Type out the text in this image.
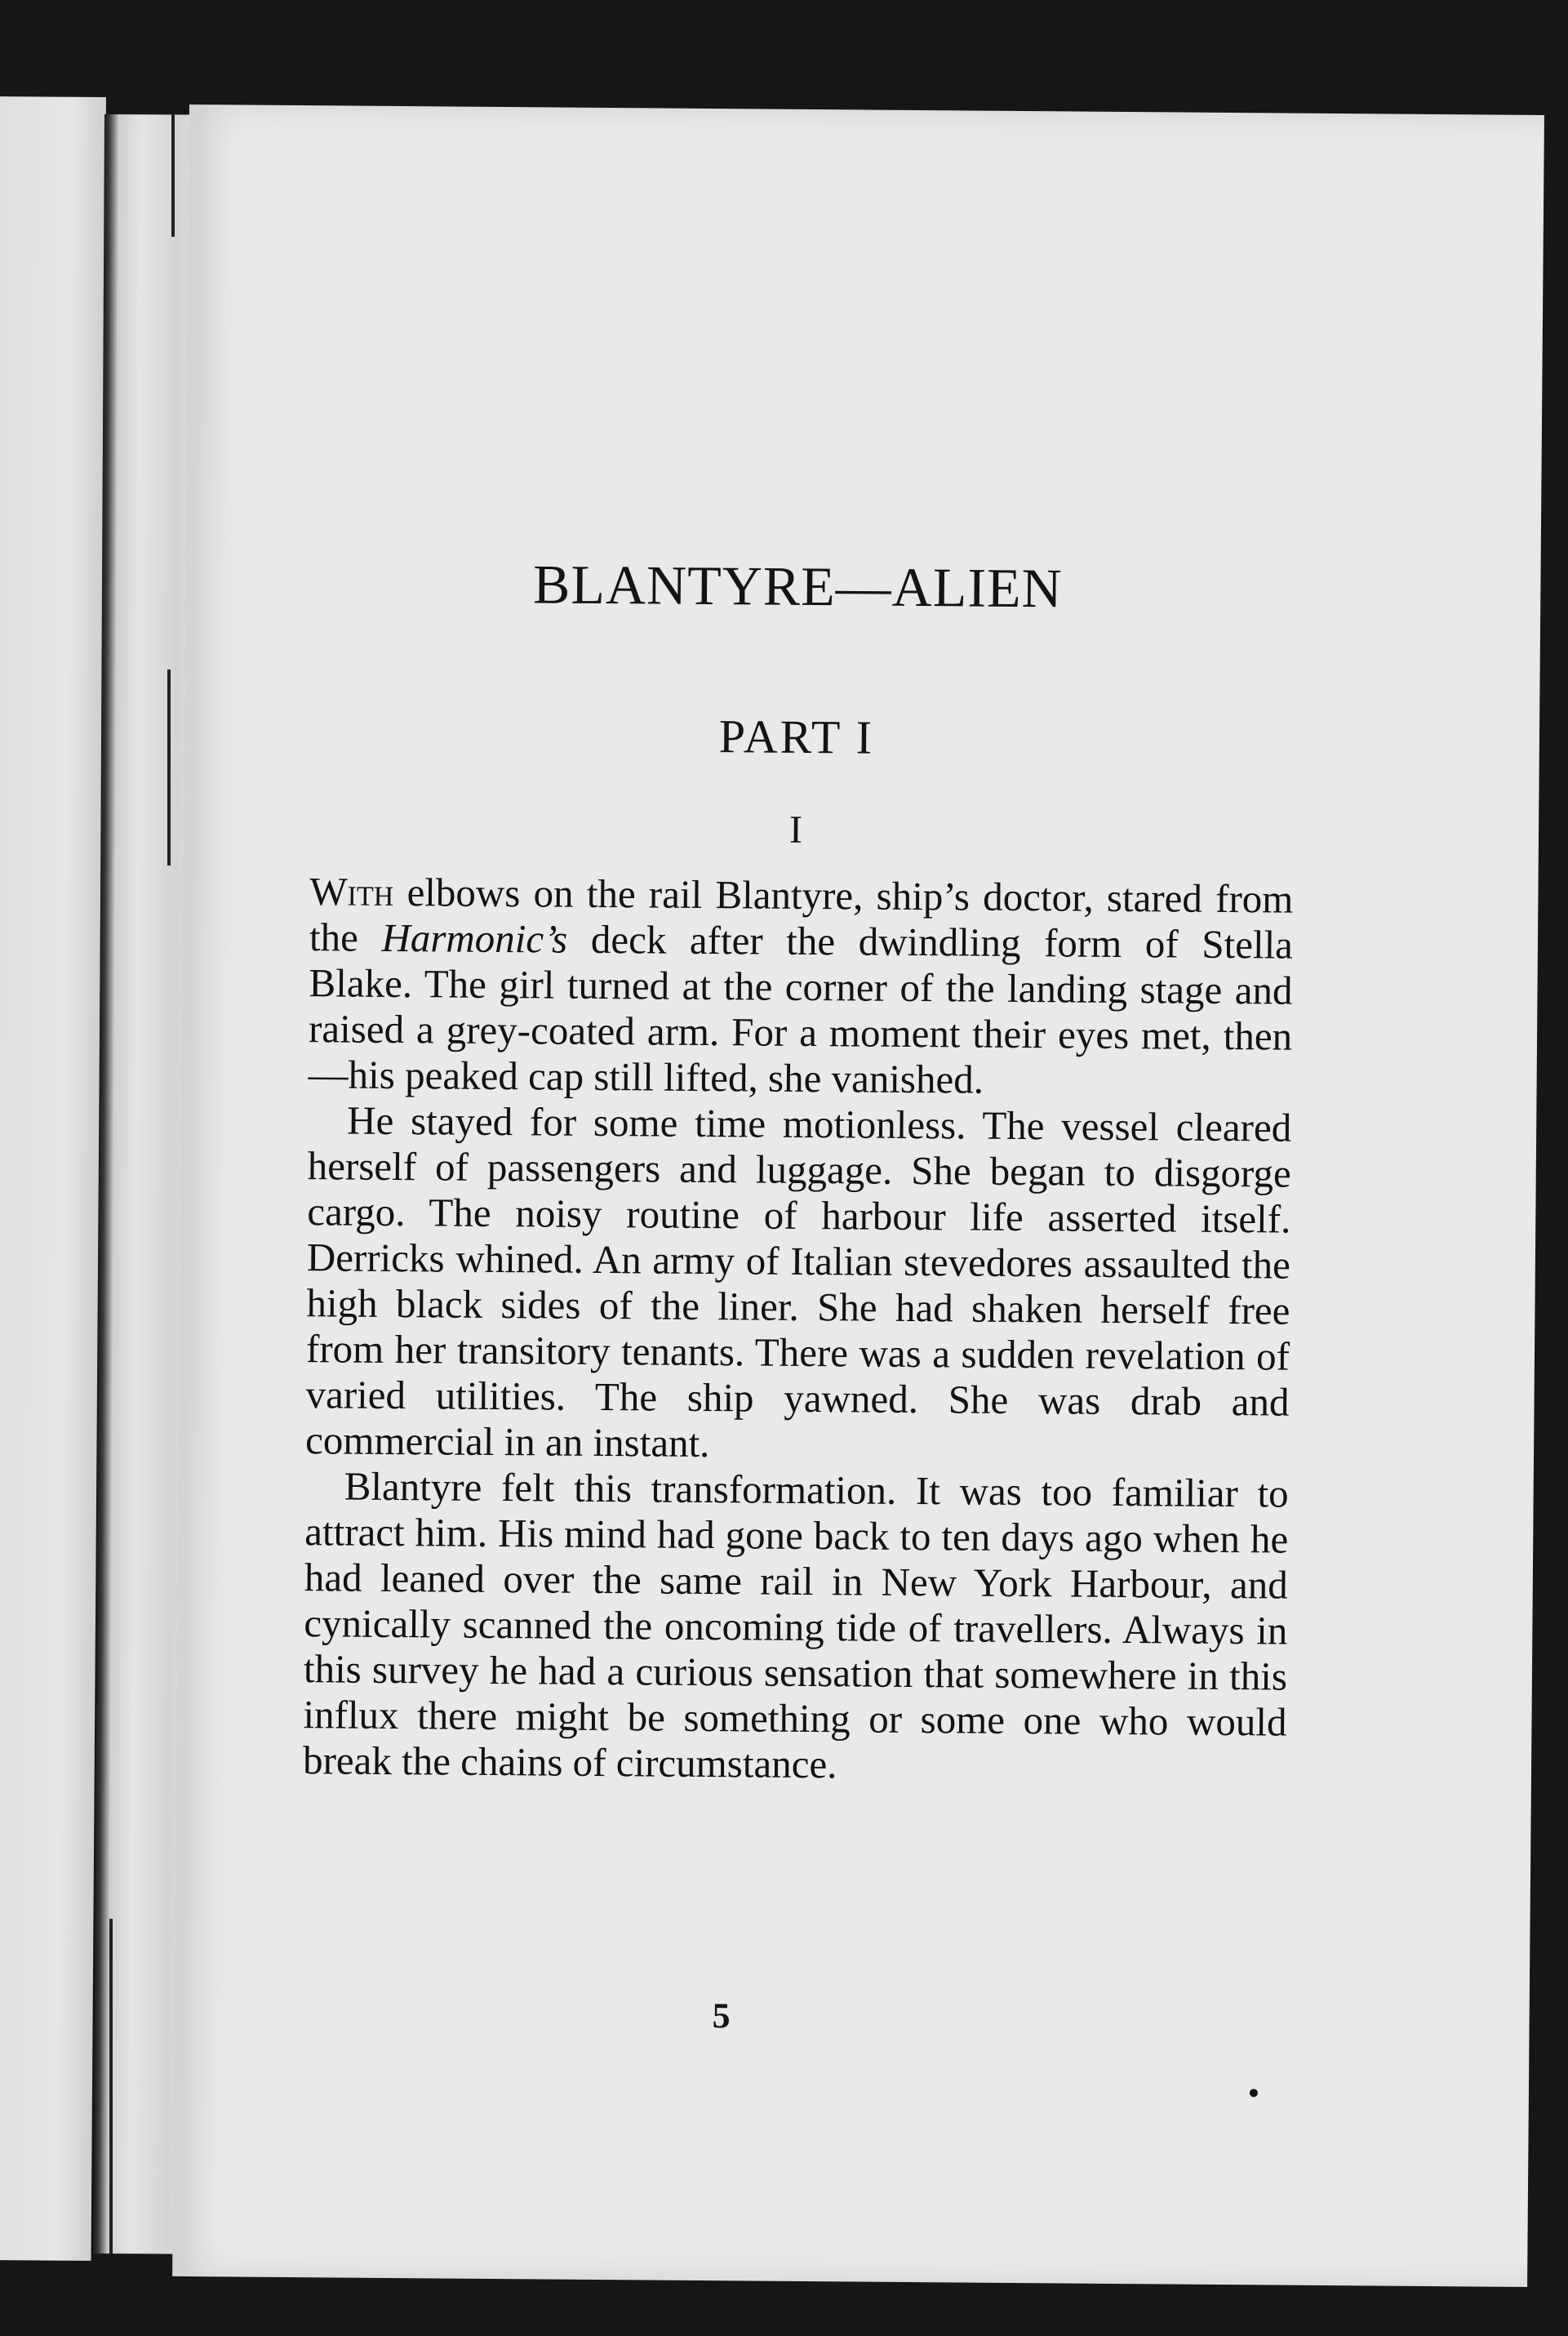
BLANTYRE—ALIEN
PART I
I

With elbows on the rail Blantyre, ship’s doctor, stared from the Harmonic’s deck after the dwindling form of Stella Blake. The girl turned at the corner of the landing stage and raised a grey-coated arm. For a moment their eyes met, then—his peaked cap still lifted, she vanished.

He stayed for some time motionless. The vessel cleared herself of passengers and luggage. She began to disgorge cargo. The noisy routine of harbour life asserted itself. Derricks whined. An army of Italian stevedores assaulted the high black sides of the liner. She had shaken herself free from her transitory tenants. There was a sudden revelation of varied utilities. The ship yawned. She was drab and commercial in an instant.

Blantyre felt this transformation. It was too familiar to attract him. His mind had gone back to ten days ago when he had leaned over the same rail in New York Harbour, and cynically scanned the oncoming tide of travellers. Always in this survey he had a curious sensation that somewhere in this influx there might be something or some one who would break the chains of circumstance.

5
